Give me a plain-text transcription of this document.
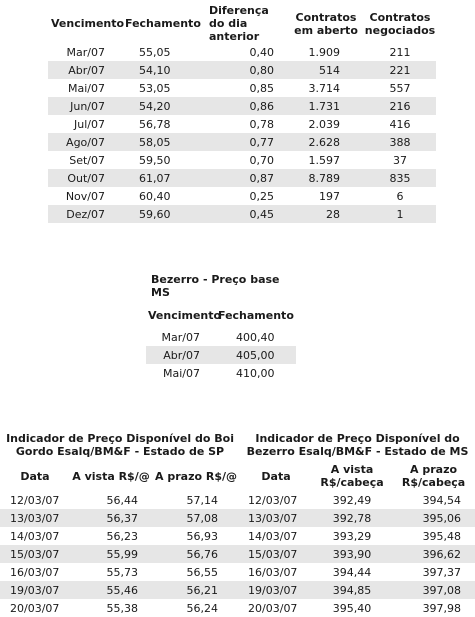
Vencimento	Fechamento	Diferença do dia anterior	Contratos em aberto	Contratos negociados
Mar/07	55,05	0,40	1.909	211
Abr/07	54,10	0,80	514	221
Mai/07	53,05	0,85	3.714	557
Jun/07	54,20	0,86	1.731	216
Jul/07	56,78	0,78	2.039	416
Ago/07	58,05	0,77	2.628	388
Set/07	59,50	0,70	1.597	37
Out/07	61,07	0,87	8.789	835
Nov/07	60,40	0,25	197	6
Dez/07	59,60	0,45	28	1
Bezerro - Preço base MS	
Vencimento	Fechamento
Mar/07	400,40
Abr/07	405,00
Mai/07	410,00
Indicador de Preço Disponível do Boi Gordo Esalq/BM&F - Estado de SP			Indicador de Preço Disponível do Bezerro Esalq/BM&F - Estado de MS		
Data	A vista R$/@	A prazo R$/@	Data	A vista R$/cabeça	A prazo R$/cabeça
12/03/07	56,44	57,14	12/03/07	392,49	394,54
13/03/07	56,37	57,08	13/03/07	392,78	395,06
14/03/07	56,23	56,93	14/03/07	393,29	395,48
15/03/07	55,99	56,76	15/03/07	393,90	396,62
16/03/07	55,73	56,55	16/03/07	394,44	397,37
19/03/07	55,46	56,21	19/03/07	394,85	397,08
20/03/07	55,38	56,24	20/03/07	395,40	397,98
